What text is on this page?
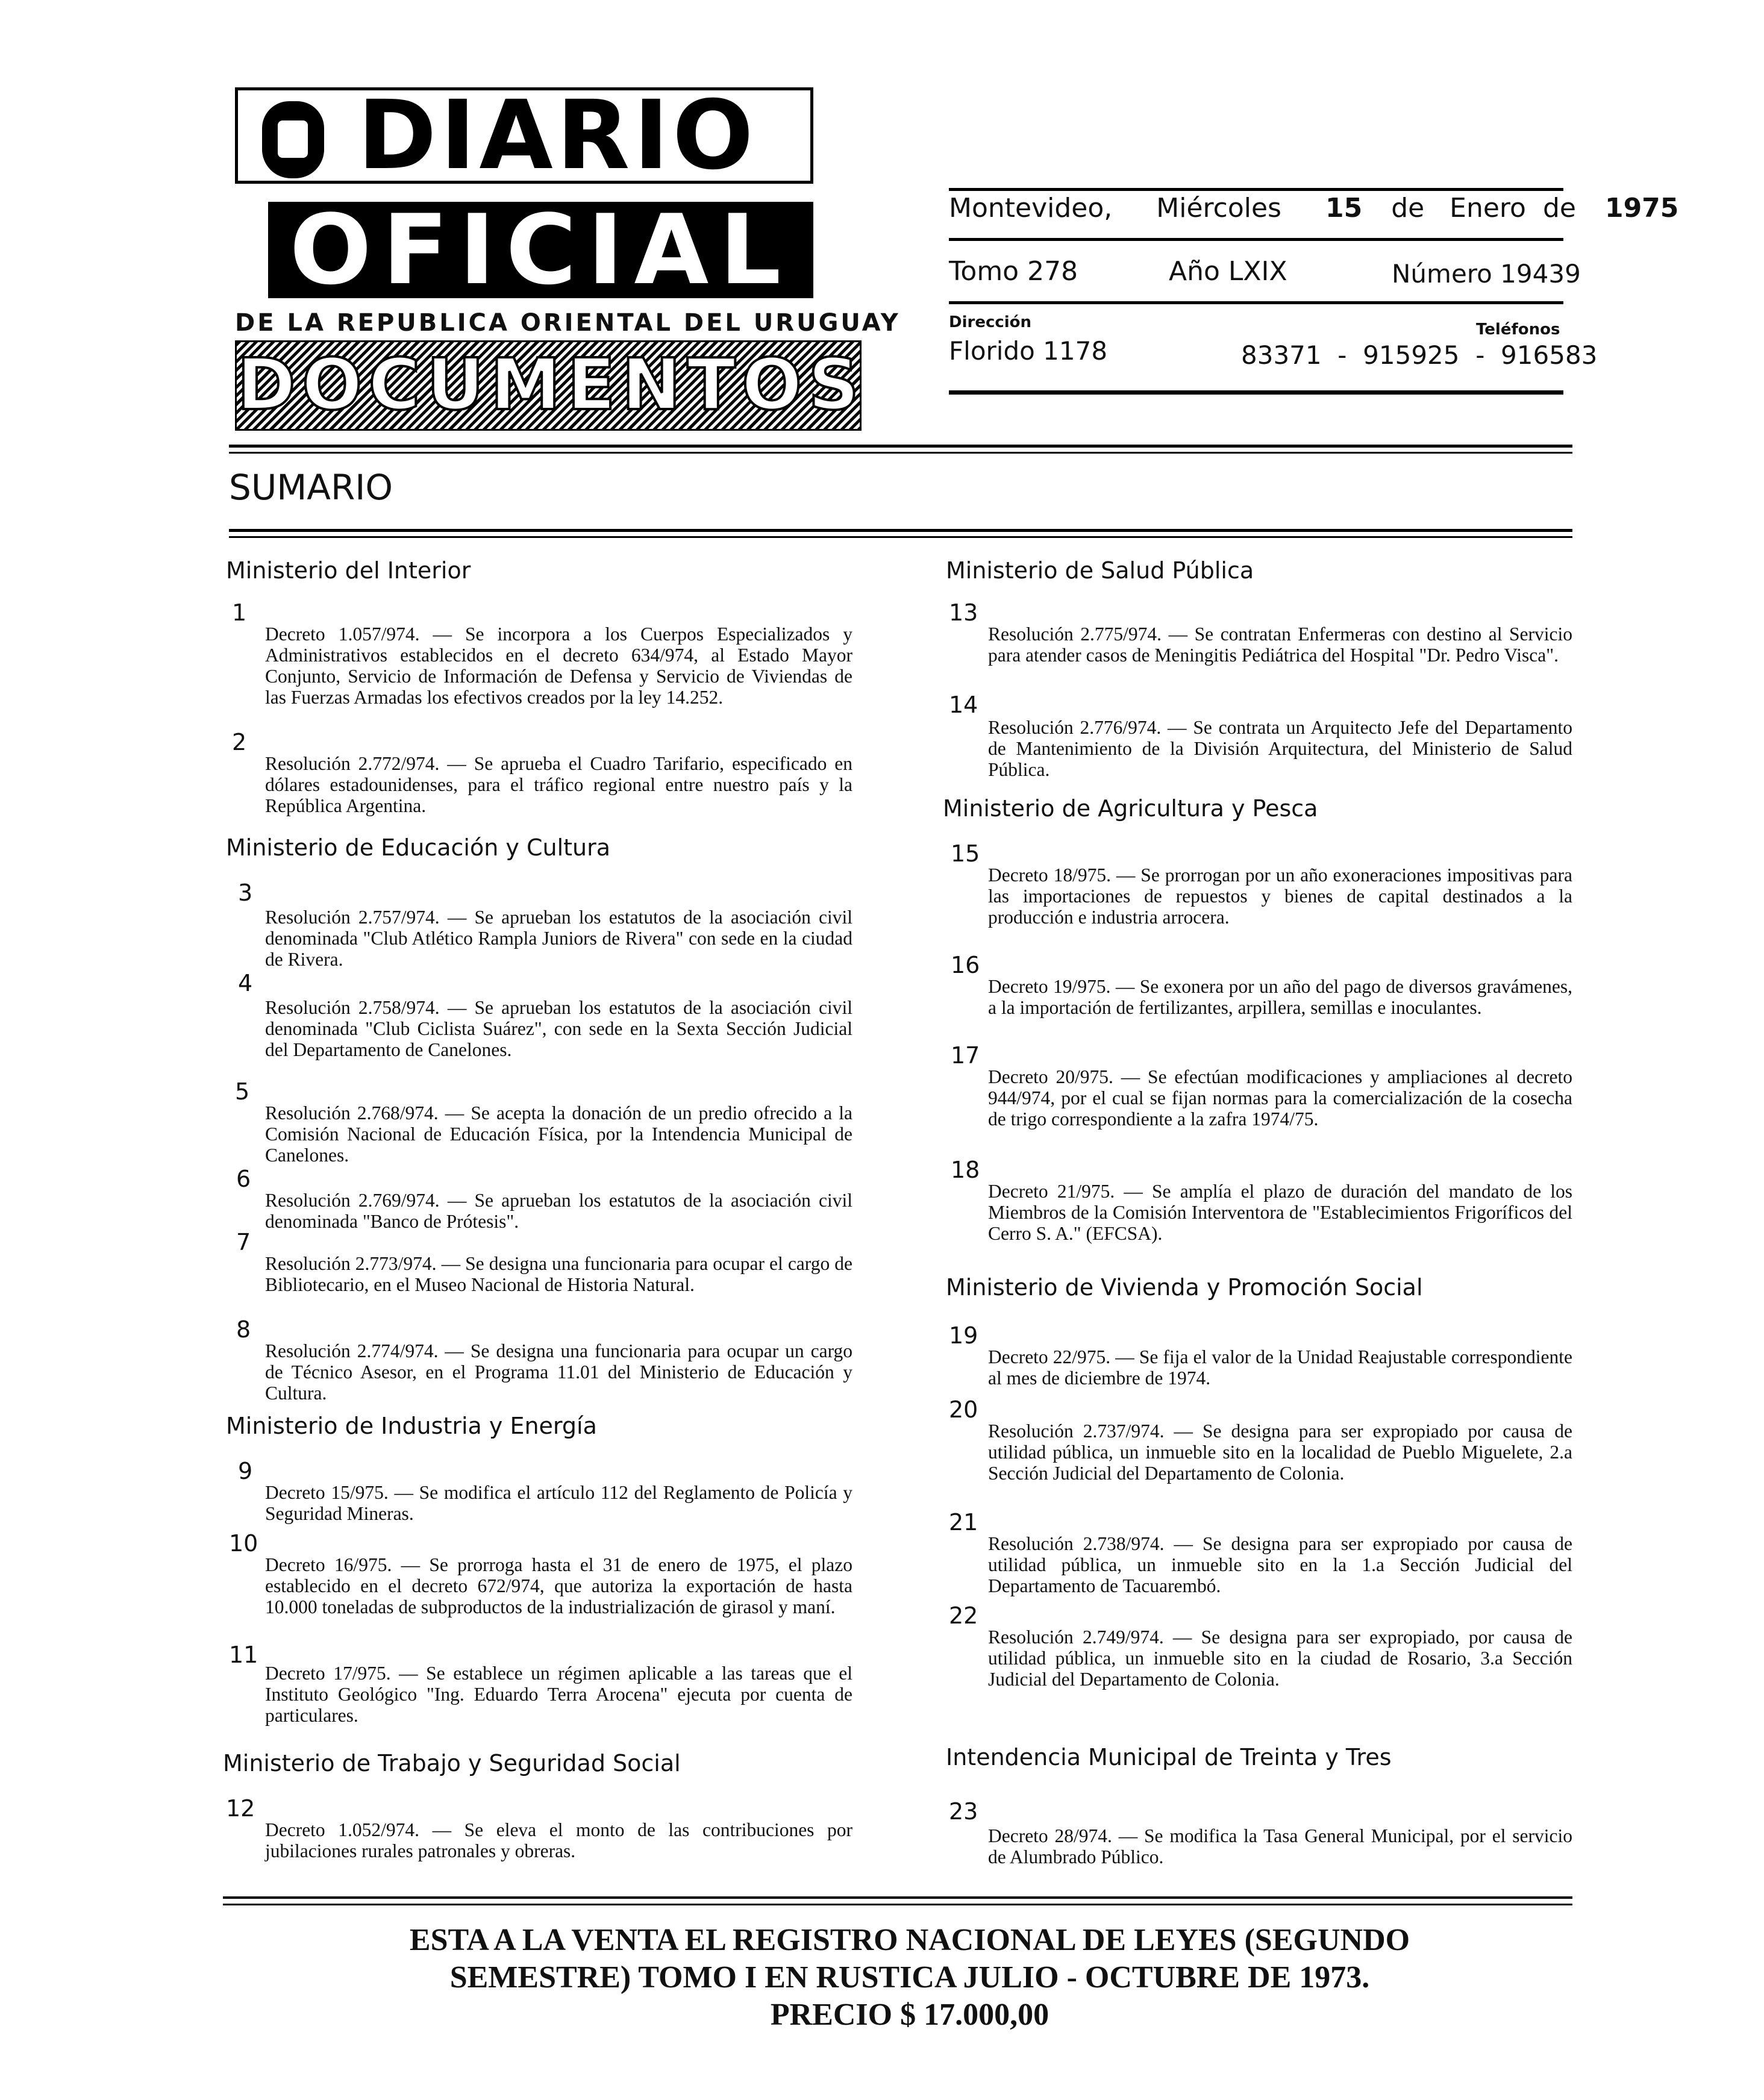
DIARIO
OFICIAL
DE LA REPUBLICA ORIENTAL DEL URUGUAY
DOCUMENTOS
Montevideo, Miércoles 15 de   Enero  de 1975
Tomo 278	Año LXIX	Número 19439
Dirección
Florido 1178
Teléfonos
83371  -  915925  -  916583
SUMARIO
Ministerio del Interior
1
Decreto 1.057/974. — Se incorpora a los Cuerpos Especializados y Administrativos establecidos en el decreto 634/974, al Estado Mayor Conjunto, Servicio de Información de Defensa y Servicio de Viviendas de las Fuerzas Armadas los efectivos creados por la ley 14.252.
2
Resolución 2.772/974. — Se aprueba el Cuadro Tarifario, especificado en dólares estadounidenses, para el tráfico regional entre nuestro país y la República Argentina.
Ministerio de Educación y Cultura
3
Resolución 2.757/974. — Se aprueban los estatutos de la asociación civil denominada "Club Atlético Rampla Juniors de Rivera" con sede en la ciudad de Rivera.
4
Resolución 2.758/974. — Se aprueban los estatutos de la asociación civil denominada "Club Ciclista Suárez", con sede en la Sexta Sección Judicial del Departamento de Canelones.
5
Resolución 2.768/974. — Se acepta la donación de un predio ofrecido a la Comisión Nacional de Educación Física, por la Intendencia Municipal de Canelones.
6
Resolución 2.769/974. — Se aprueban los estatutos de la asociación civil denominada "Banco de Prótesis".
7
Resolución 2.773/974. — Se designa una funcionaria para ocupar el cargo de Bibliotecario, en el Museo Nacional de Historia Natural.
8
Resolución 2.774/974. — Se designa una funcionaria para ocupar un cargo de Técnico Asesor, en el Programa 11.01 del Ministerio de Educación y Cultura.
Ministerio de Industria y Energía
9
Decreto 15/975. — Se modifica el artículo 112 del Reglamento de Policía y Seguridad Mineras.
10
Decreto 16/975. — Se prorroga hasta el 31 de enero de 1975, el plazo establecido en el decreto 672/974, que autoriza la exportación de hasta 10.000 toneladas de subproductos de la industrialización de girasol y maní.
11
Decreto 17/975. — Se establece un régimen aplicable a las tareas que el Instituto Geológico "Ing. Eduardo Terra Arocena" ejecuta por cuenta de particulares.
Ministerio de Trabajo y Seguridad Social
12
Decreto 1.052/974. — Se eleva el monto de las contribuciones por jubilaciones rurales patronales y obreras.
Ministerio de Salud Pública
13
Resolución 2.775/974. — Se contratan Enfermeras con destino al Servicio para atender casos de Meningitis Pediátrica del Hospital "Dr. Pedro Visca".
14
Resolución 2.776/974. — Se contrata un Arquitecto Jefe del Departamento de Mantenimiento de la División Arquitectura, del Ministerio de Salud Pública.
Ministerio de Agricultura y Pesca
15
Decreto 18/975. — Se prorrogan por un año exoneraciones impositivas para las importaciones de repuestos y bienes de capital destinados a la producción e industria arrocera.
16
Decreto 19/975. — Se exonera por un año del pago de diversos gravámenes, a la importación de fertilizantes, arpillera, semillas e inoculantes.
17
Decreto 20/975. — Se efectúan modificaciones y ampliaciones al decreto 944/974, por el cual se fijan normas para la comercialización de la cosecha de trigo correspondiente a la zafra 1974/75.
18
Decreto 21/975. — Se amplía el plazo de duración del mandato de los Miembros de la Comisión Interventora de "Establecimientos Frigoríficos del Cerro S. A." (EFCSA).
Ministerio de Vivienda y Promoción Social
19
Decreto 22/975. — Se fija el valor de la Unidad Reajustable correspondiente al mes de diciembre de 1974.
20
Resolución 2.737/974. — Se designa para ser expropiado por causa de utilidad pública, un inmueble sito en la localidad de Pueblo Miguelete, 2.a Sección Judicial del Departamento de Colonia.
21
Resolución 2.738/974. — Se designa para ser expropiado por causa de utilidad pública, un inmueble sito en la 1.a Sección Judicial del Departamento de Tacuarembó.
22
Resolución 2.749/974. — Se designa para ser expropiado, por causa de utilidad pública, un inmueble sito en la ciudad de Rosario, 3.a Sección Judicial del Departamento de Colonia.
Intendencia Municipal de Treinta y Tres
23
Decreto 28/974. — Se modifica la Tasa General Municipal, por el servicio de Alumbrado Público.
ESTA A LA VENTA EL REGISTRO NACIONAL DE LEYES (SEGUNDO
SEMESTRE) TOMO I EN RUSTICA JULIO - OCTUBRE DE 1973.
PRECIO $ 17.000,00
